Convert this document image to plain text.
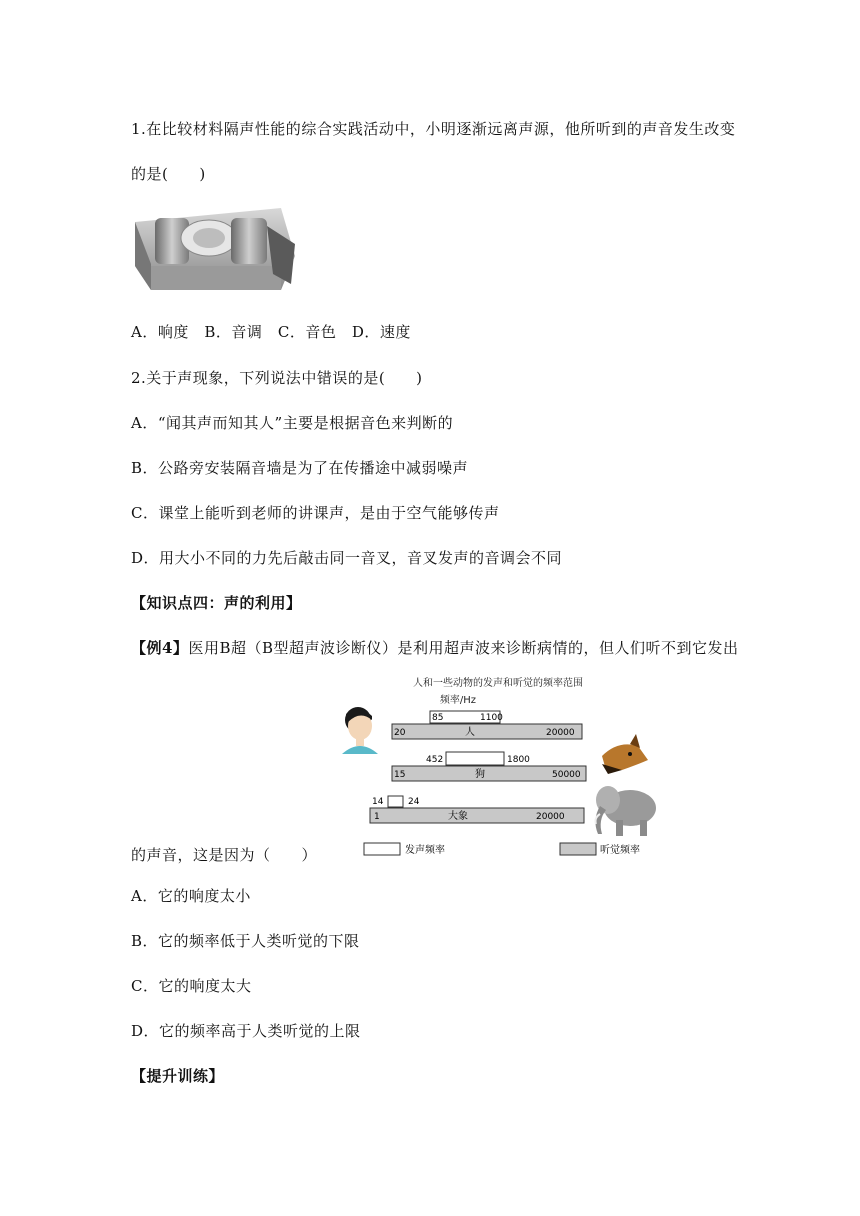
1.在比较材料隔声性能的综合实践活动中，小明逐渐远离声源，他所听到的声音发生改变
的是(　　)
A．响度　B．音调　C．音色　D．速度
2.关于声现象，下列说法中错误的是(　　)
A．“闻其声而知其人”主要是根据音色来判断的
B．公路旁安装隔音墙是为了在传播途中减弱噪声
C．课堂上能听到老师的讲课声，是由于空气能够传声
D．用大小不同的力先后敲击同一音叉，音叉发声的音调会不同
【知识点四：声的利用】
【例4】医用B超（B型超声波诊断仪）是利用超声波来诊断病情的，但人们听不到它发出
人和一些动物的发声和听觉的频率范围
频率/Hz
85	1100
20	人	20000
452	1800
15	狗	50000
14	24
1	大象	20000
发声频率	听觉频率
的声音，这是因为（　　）
A．它的响度太小
B．它的频率低于人类听觉的下限
C．它的响度太大
D．它的频率高于人类听觉的上限
【提升训练】
